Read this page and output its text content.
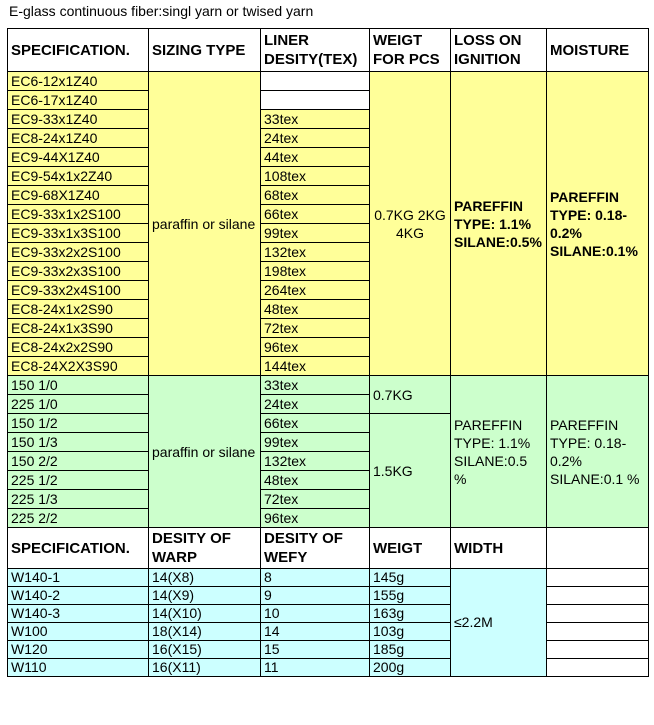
E-glass continuous fiber:singl yarn or twised yarn
SPECIFICATION.	SIZING TYPE	LINER DESITY(TEX)	WEIGT FOR PCS	LOSS ON IGNITION	MOISTURE
EC6-12x1Z40	paraffin or silane		0.7KG 2KG 4KG	PAREFFIN TYPE: 1.1% SILANE:0.5%	PAREFFIN TYPE: 0.18-0.2% SILANE:0.1%
EC6-17x1Z40					
EC9-33x1Z40		33tex			
EC8-24x1Z40		24tex			
EC9-44X1Z40		44tex			
EC9-54x1x2Z40		108tex			
EC9-68X1Z40		68tex			
EC9-33x1x2S100		66tex			
EC9-33x1x3S100		99tex			
EC9-33x2x2S100		132tex			
EC9-33x2x3S100		198tex			
EC9-33x2x4S100		264tex			
EC8-24x1x2S90		48tex			
EC8-24x1x3S90		72tex			
EC8-24x2x2S90		96tex			
EC8-24X2X3S90		144tex			
150 1/0	paraffin or silane	33tex	0.7KG	PAREFFIN TYPE: 1.1% SILANE:0.5 %	PAREFFIN TYPE: 0.18-0.2% SILANE:0.1 %
225 1/0		24tex			
150 1/2		66tex	1.5KG		
150 1/3		99tex			
150 2/2		132tex			
225 1/2		48tex			
225 1/3		72tex			
225 2/2		96tex			
SPECIFICATION.	DESITY OF WARP	DESITY OF WEFY	WEIGT	WIDTH	
W140-1	14(X8)	8	145g	≤2.2M	
W140-2	14(X9)	9	155g		
W140-3	14(X10)	10	163g		
W100	18(X14)	14	103g		
W120	16(X15)	15	185g		
W110	16(X11)	11	200g		
